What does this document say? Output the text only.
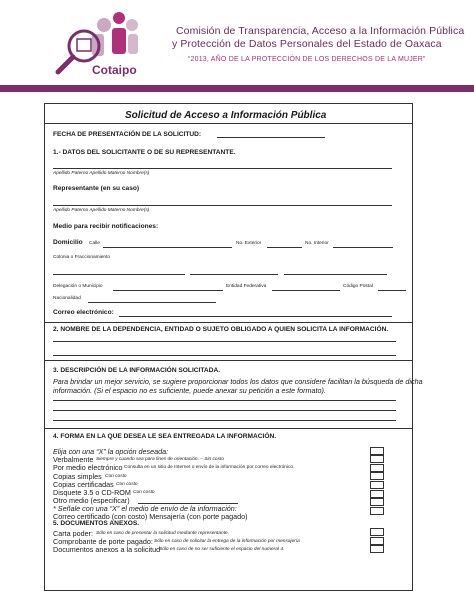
Cotaipo
Comisión de Transparencia, Acceso a la Información Pública
y Protección de Datos Personales del Estado de Oaxaca
“2013, AÑO DE LA PROTECCIÓN DE LOS DERECHOS DE LA MUJER”
Solicitud de Acceso a Información Pública
FECHA DE PRESENTACIÓN DE LA SOLICITUD:
1.- DATOS DEL SOLICITANTE O DE SU REPRESENTANTE.
Apellido Paterno Apellido Materno Nombre(s)
Representante (en su caso)
Apellido Paterno Apellido Materno Nombre(s)
Medio para recibir notificaciones:
Domicilio Calle	No. Exterior	No. Interior
Colonia o Fraccionamiento
Delegación o Municipio	Entidad Federativa	Código Postal
Nacionalidad
Correo electrónico:
2. NOMBRE DE LA DEPENDENCIA, ENTIDAD O SUJETO OBLIGADO A QUIEN SOLICITA LA INFORMACIÓN.
3. DESCRIPCIÓN DE LA INFORMACIÓN SOLICITADA.
Para brindar un mejor servicio, se sugiere proporcionar todos los datos que considere facilitan la búsqueda de dicha
información. (Si el espacio no es suficiente, puede anexar su petición a este formato).
4. FORMA EN LA QUE DESEA LE SEA ENTREGADA LA INFORMACIÓN.
Elija con una “X” la opción deseada:
Verbalmente Siempre y cuando sea para fines de orientación. – Sin costo
Por medio electrónico Consulta en un sitio de Internet o envío de la información por correo electrónico.
Copias simples Con costo
Copias certificadas Con costo
Disquete 3.5 o CD-ROM Con costo
Otro medio (especificar)
* Señale con una “X” el medio de envío de la información:
Correo certificado (con costo) Mensajería (con porte pagado)
5. DOCUMENTOS ANEXOS.
Carta poder: Sólo en caso de presentar la solicitud mediante representante.
Comprobante de porte pagado: Sólo en caso de solicitar la entrega de la información por mensajería
Documentos anexos a la solicitud
Sólo en caso de no ser suficiente el espacio del numeral 4.
